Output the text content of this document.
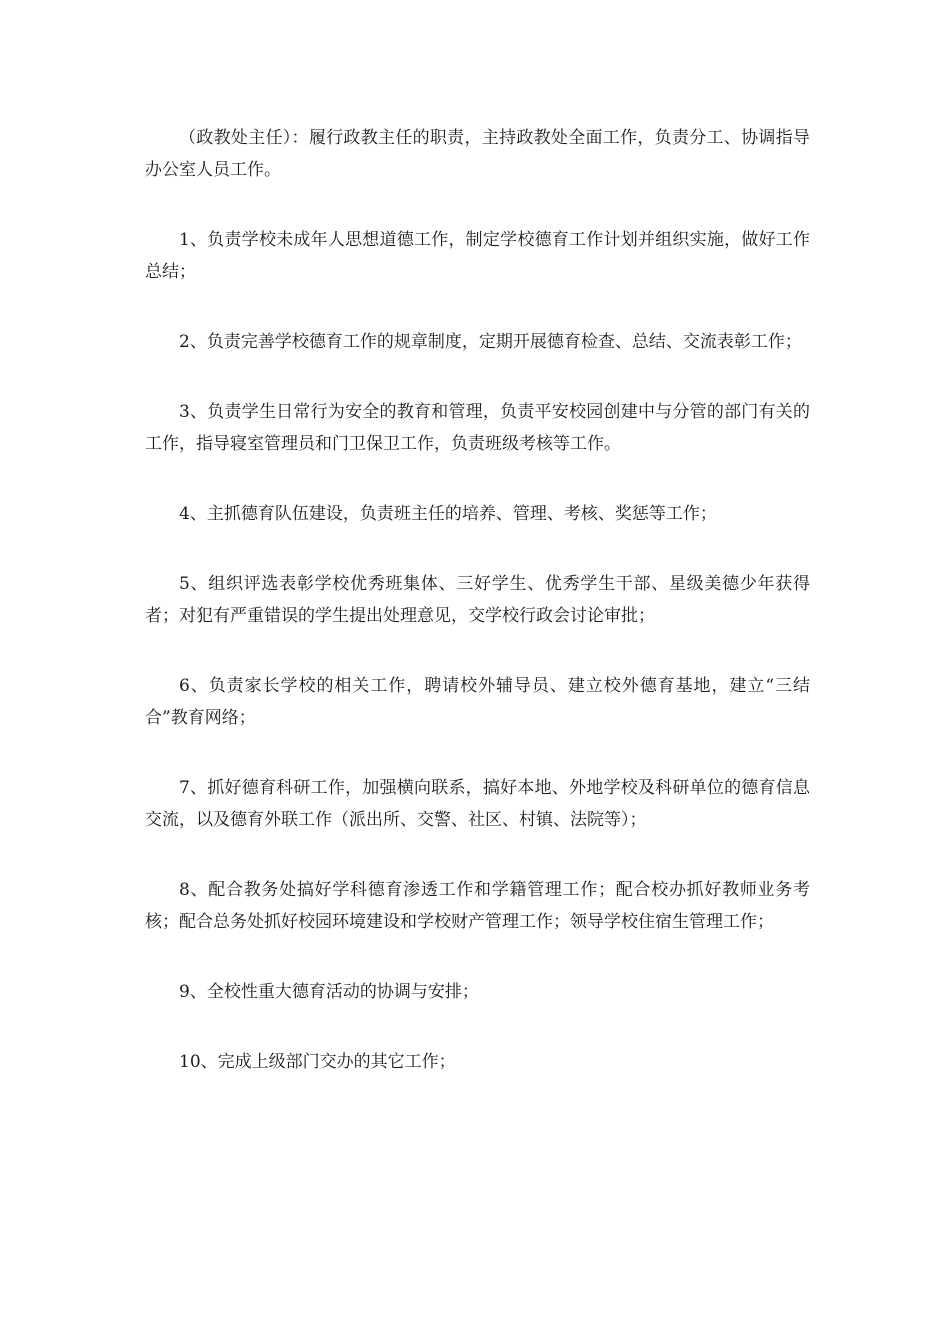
（政教处主任）：履行政教主任的职责，主持政教处全面工作，负责分工、协调指导办公室人员工作。

1、负责学校未成年人思想道德工作，制定学校德育工作计划并组织实施，做好工作总结；

2、负责完善学校德育工作的规章制度，定期开展德育检查、总结、交流表彰工作；

3、负责学生日常行为安全的教育和管理，负责平安校园创建中与分管的部门有关的工作，指导寝室管理员和门卫保卫工作，负责班级考核等工作。

4、主抓德育队伍建设，负责班主任的培养、管理、考核、奖惩等工作；

5、组织评选表彰学校优秀班集体、三好学生、优秀学生干部、星级美德少年获得者；对犯有严重错误的学生提出处理意见，交学校行政会讨论审批；

6、负责家长学校的相关工作，聘请校外辅导员、建立校外德育基地，建立“三结合”教育网络；

7、抓好德育科研工作，加强横向联系，搞好本地、外地学校及科研单位的德育信息交流，以及德育外联工作（派出所、交警、社区、村镇、法院等）；

8、配合教务处搞好学科德育渗透工作和学籍管理工作；配合校办抓好教师业务考核；配合总务处抓好校园环境建设和学校财产管理工作；领导学校住宿生管理工作；

9、全校性重大德育活动的协调与安排；

10、完成上级部门交办的其它工作；
